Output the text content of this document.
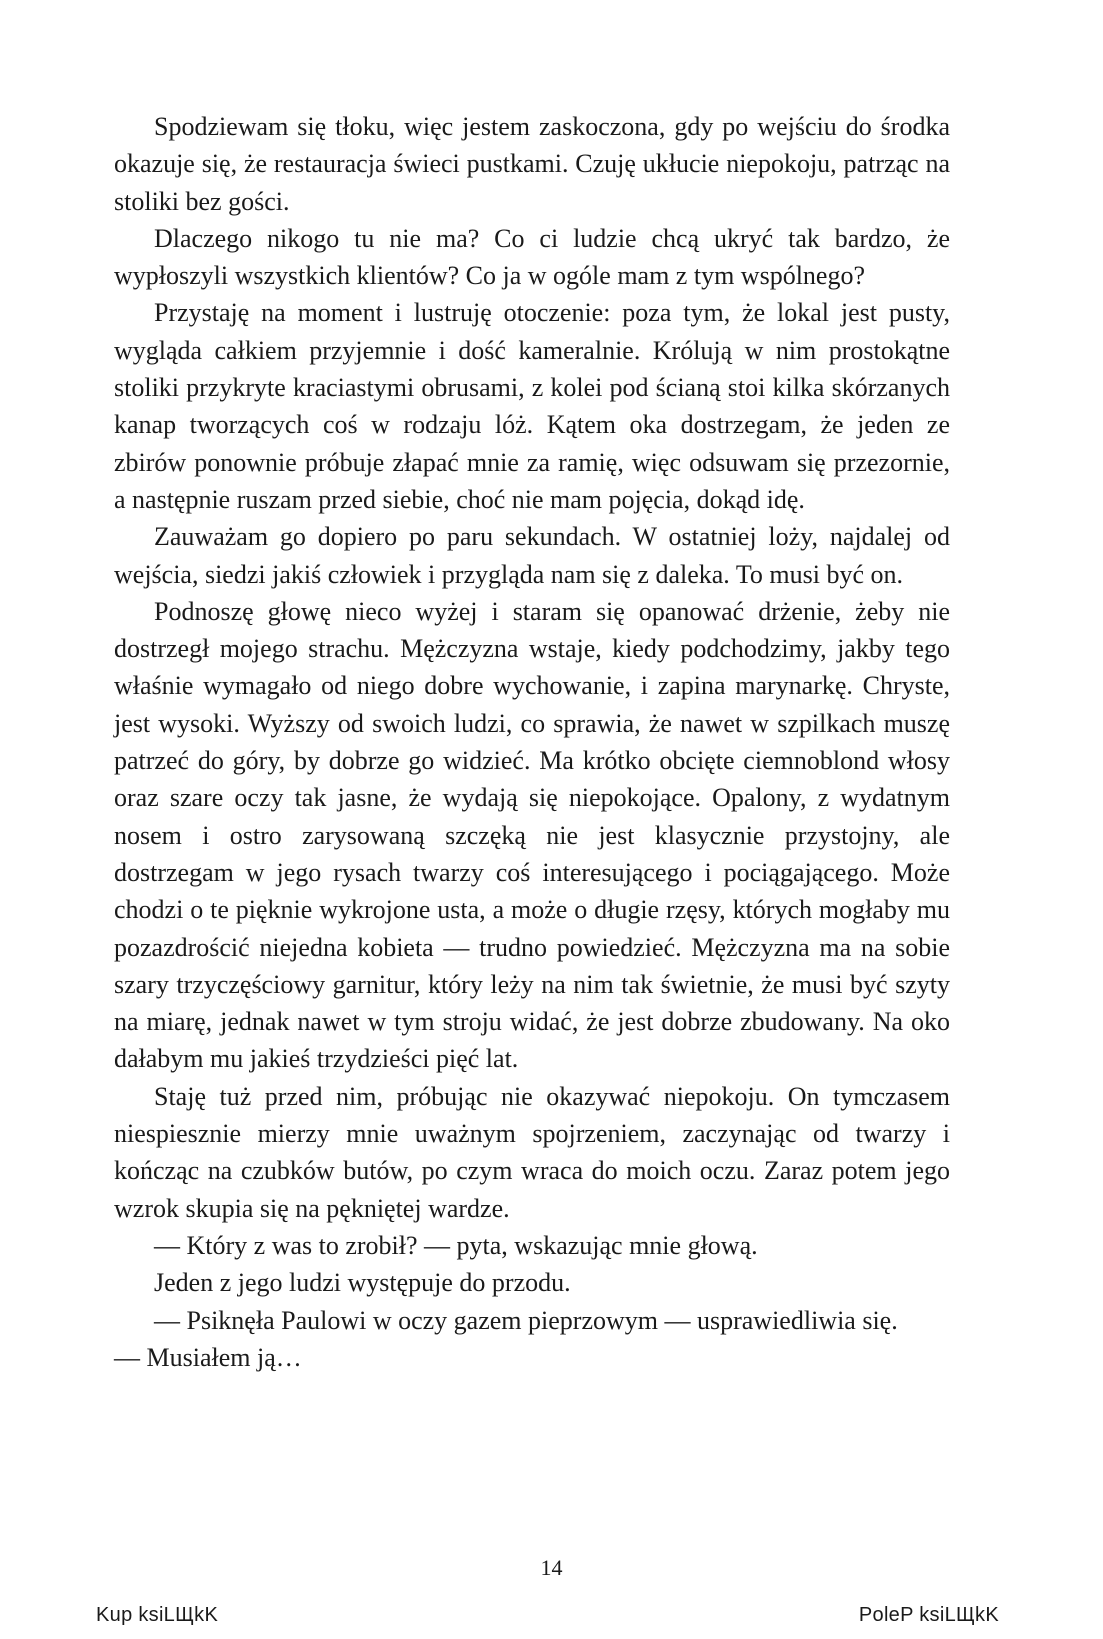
Spodziewam się tłoku, więc jestem zaskoczona, gdy po wejściu do środka okazuje się, że restauracja świeci pustkami. Czuję ukłucie niepokoju, patrząc na stoliki bez gości.

Dlaczego nikogo tu nie ma? Co ci ludzie chcą ukryć tak bardzo, że wypłoszyli wszystkich klientów? Co ja w ogóle mam z tym wspólnego?

Przystaję na moment i lustruję otoczenie: poza tym, że lokal jest pusty, wygląda całkiem przyjemnie i dość kameralnie. Królują w nim prostokątne stoliki przykryte kraciastymi obrusami, z kolei pod ścianą stoi kilka skórzanych kanap tworzących coś w rodzaju lóż. Kątem oka dostrzegam, że jeden ze zbirów ponownie próbuje złapać mnie za ramię, więc odsuwam się przezornie, a następnie ruszam przed siebie, choć nie mam pojęcia, dokąd idę.

Zauważam go dopiero po paru sekundach. W ostatniej loży, najdalej od wejścia, siedzi jakiś człowiek i przygląda nam się z daleka. To musi być on.

Podnoszę głowę nieco wyżej i staram się opanować drżenie, żeby nie dostrzegł mojego strachu. Mężczyzna wstaje, kiedy podchodzimy, jakby tego właśnie wymagało od niego dobre wychowanie, i zapina marynarkę. Chryste, jest wysoki. Wyższy od swoich ludzi, co sprawia, że nawet w szpilkach muszę patrzeć do góry, by dobrze go widzieć. Ma krótko obcięte ciemnoblond włosy oraz szare oczy tak jasne, że wydają się niepokojące. Opalony, z wydatnym nosem i ostro zarysowaną szczęką nie jest klasycznie przystojny, ale dostrzegam w jego rysach twarzy coś interesującego i pociągającego. Może chodzi o te pięknie wykrojone usta, a może o długie rzęsy, których mogłaby mu pozazdrościć niejedna kobieta — trudno powiedzieć. Mężczyzna ma na sobie szary trzyczęściowy garnitur, który leży na nim tak świetnie, że musi być szyty na miarę, jednak nawet w tym stroju widać, że jest dobrze zbudowany. Na oko dałabym mu jakieś trzydzieści pięć lat.

Staję tuż przed nim, próbując nie okazywać niepokoju. On tymczasem niespiesznie mierzy mnie uważnym spojrzeniem, zaczynając od twarzy i kończąc na czubków butów, po czym wraca do moich oczu. Zaraz potem jego wzrok skupia się na pękniętej wardze.

— Który z was to zrobił? — pyta, wskazując mnie głową.

Jeden z jego ludzi występuje do przodu.

— Psiknęła Paulowi w oczy gazem pieprzowym — usprawiedliwia się.

— Musiałem ją…

14
Kup ksiLЩkK	PoleP ksiLЩkK
